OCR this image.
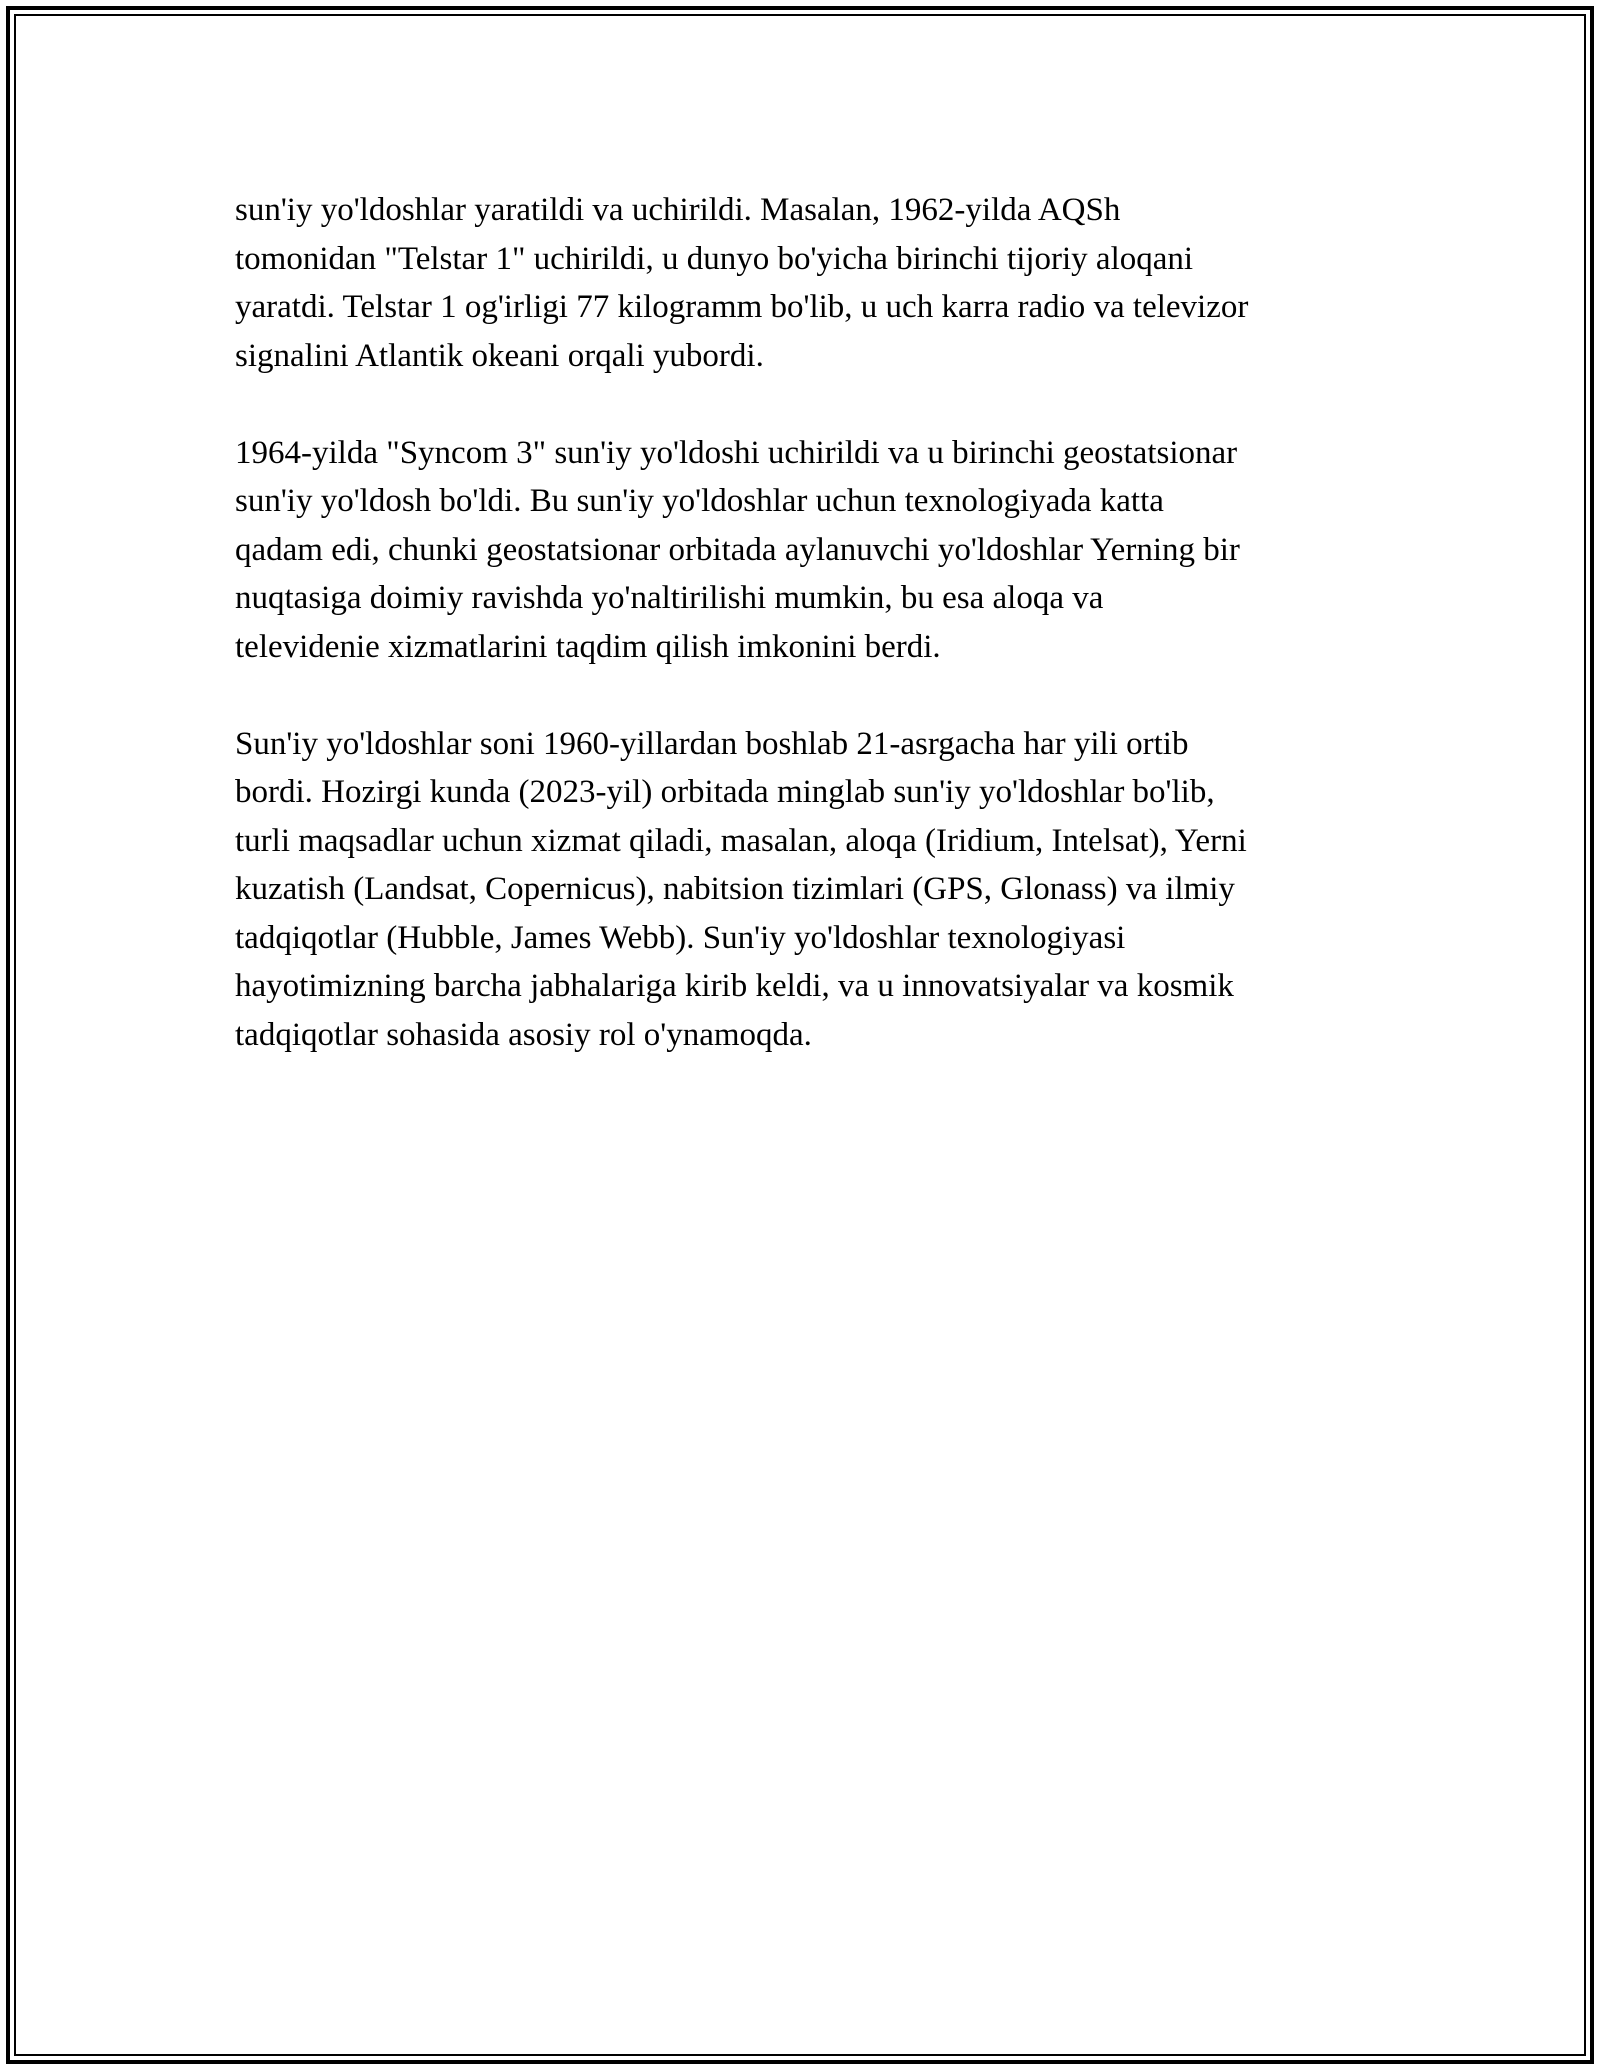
sun'iy yo'ldoshlar yaratildi va uchirildi. Masalan, 1962-yilda AQSh
tomonidan "Telstar 1" uchirildi, u dunyo bo'yicha birinchi tijoriy aloqani
yaratdi. Telstar 1 og'irligi 77 kilogramm bo'lib, u uch karra radio va televizor
signalini Atlantik okeani orqali yubordi.

1964-yilda "Syncom 3" sun'iy yo'ldoshi uchirildi va u birinchi geostatsionar
sun'iy yo'ldosh bo'ldi. Bu sun'iy yo'ldoshlar uchun texnologiyada katta
qadam edi, chunki geostatsionar orbitada aylanuvchi yo'ldoshlar Yerning bir
nuqtasiga doimiy ravishda yo'naltirilishi mumkin, bu esa aloqa va
televidenie xizmatlarini taqdim qilish imkonini berdi.

Sun'iy yo'ldoshlar soni 1960-yillardan boshlab 21-asrgacha har yili ortib
bordi. Hozirgi kunda (2023-yil) orbitada minglab sun'iy yo'ldoshlar bo'lib,
turli maqsadlar uchun xizmat qiladi, masalan, aloqa (Iridium, Intelsat), Yerni
kuzatish (Landsat, Copernicus), nabitsion tizimlari (GPS, Glonass) va ilmiy
tadqiqotlar (Hubble, James Webb). Sun'iy yo'ldoshlar texnologiyasi
hayotimizning barcha jabhalariga kirib keldi, va u innovatsiyalar va kosmik
tadqiqotlar sohasida asosiy rol o'ynamoqda.
